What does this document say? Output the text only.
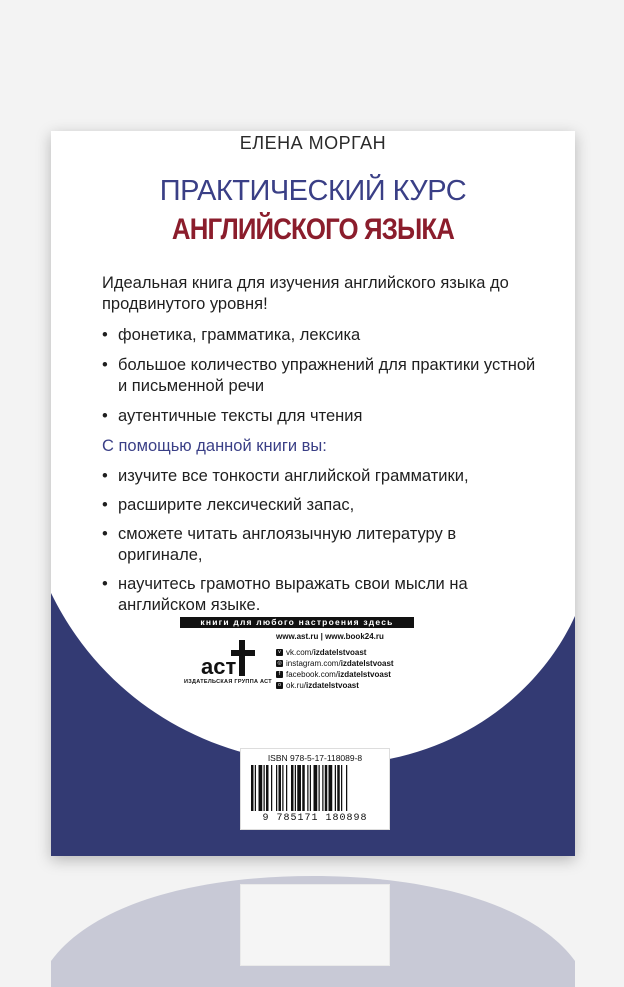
ЕЛЕНА МОРГАН
ПРАКТИЧЕСКИЙ КУРС
АНГЛИЙСКОГО ЯЗЫКА

Идеальная книга для изучения английского языка до продвинутого уровня!

• фонетика, грамматика, лексика
• большое количество упражнений для практики устной и письменной речи
• аутентичные тексты для чтения

С помощью данной книги вы:

• изучите все тонкости английской грамматики,
• расширите лексический запас,
• сможете читать англоязычную литературу в оригинале,
• научитесь грамотно выражать свои мысли на английском языке.
книги для любого настроения здесь
аст
ИЗДАТЕЛЬСКАЯ ГРУППА АСТ
www.ast.ru | www.book24.ru
v vk.com/ izdatelstvoast
◎ instagram.com/ izdatelstvoast
f facebook.com/ izdatelstvoast
o ok.ru/ izdatelstvoast
ISBN 978-5-17-118089-8
9 785171 180898
